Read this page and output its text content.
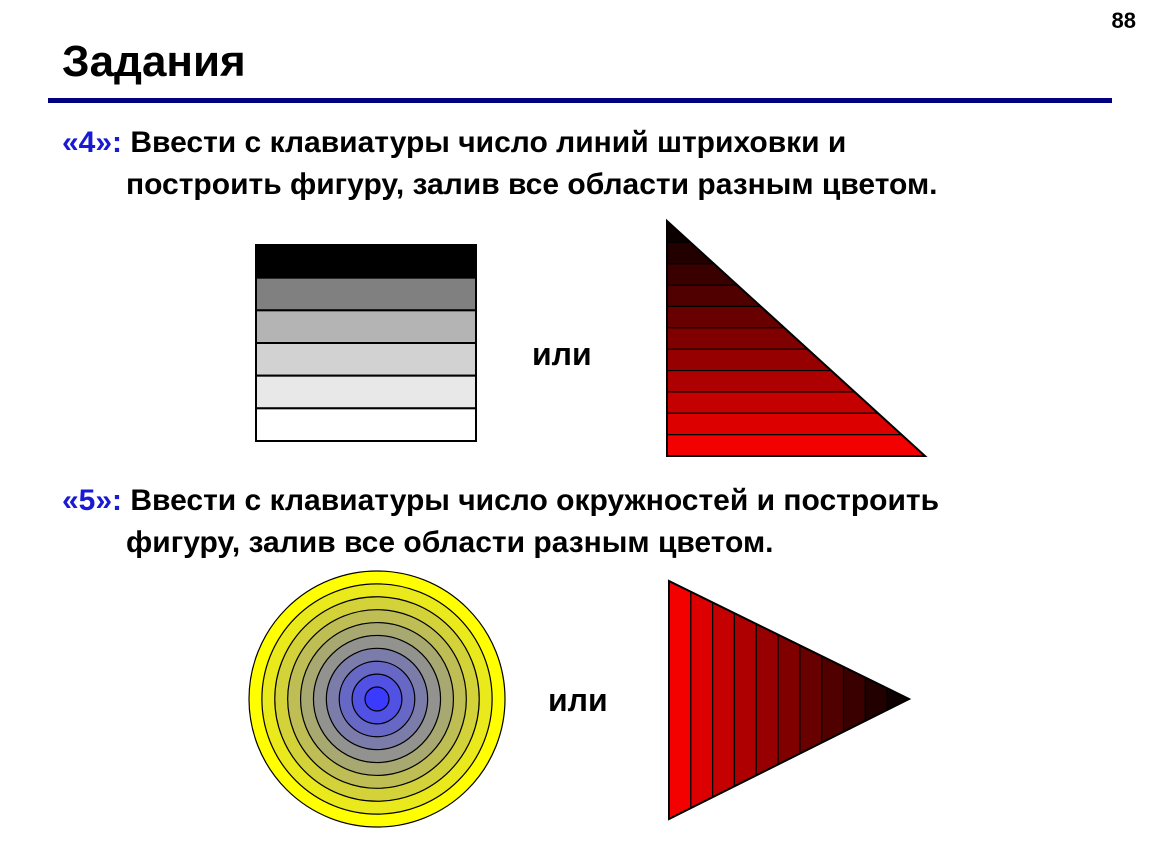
88
Задания
«4»: Ввести с клавиатуры число линий штриховки и
построить фигуру, залив все области разным цветом.
«5»: Ввести с клавиатуры число окружностей и построить
фигуру, залив все области разным цветом.
или
или
